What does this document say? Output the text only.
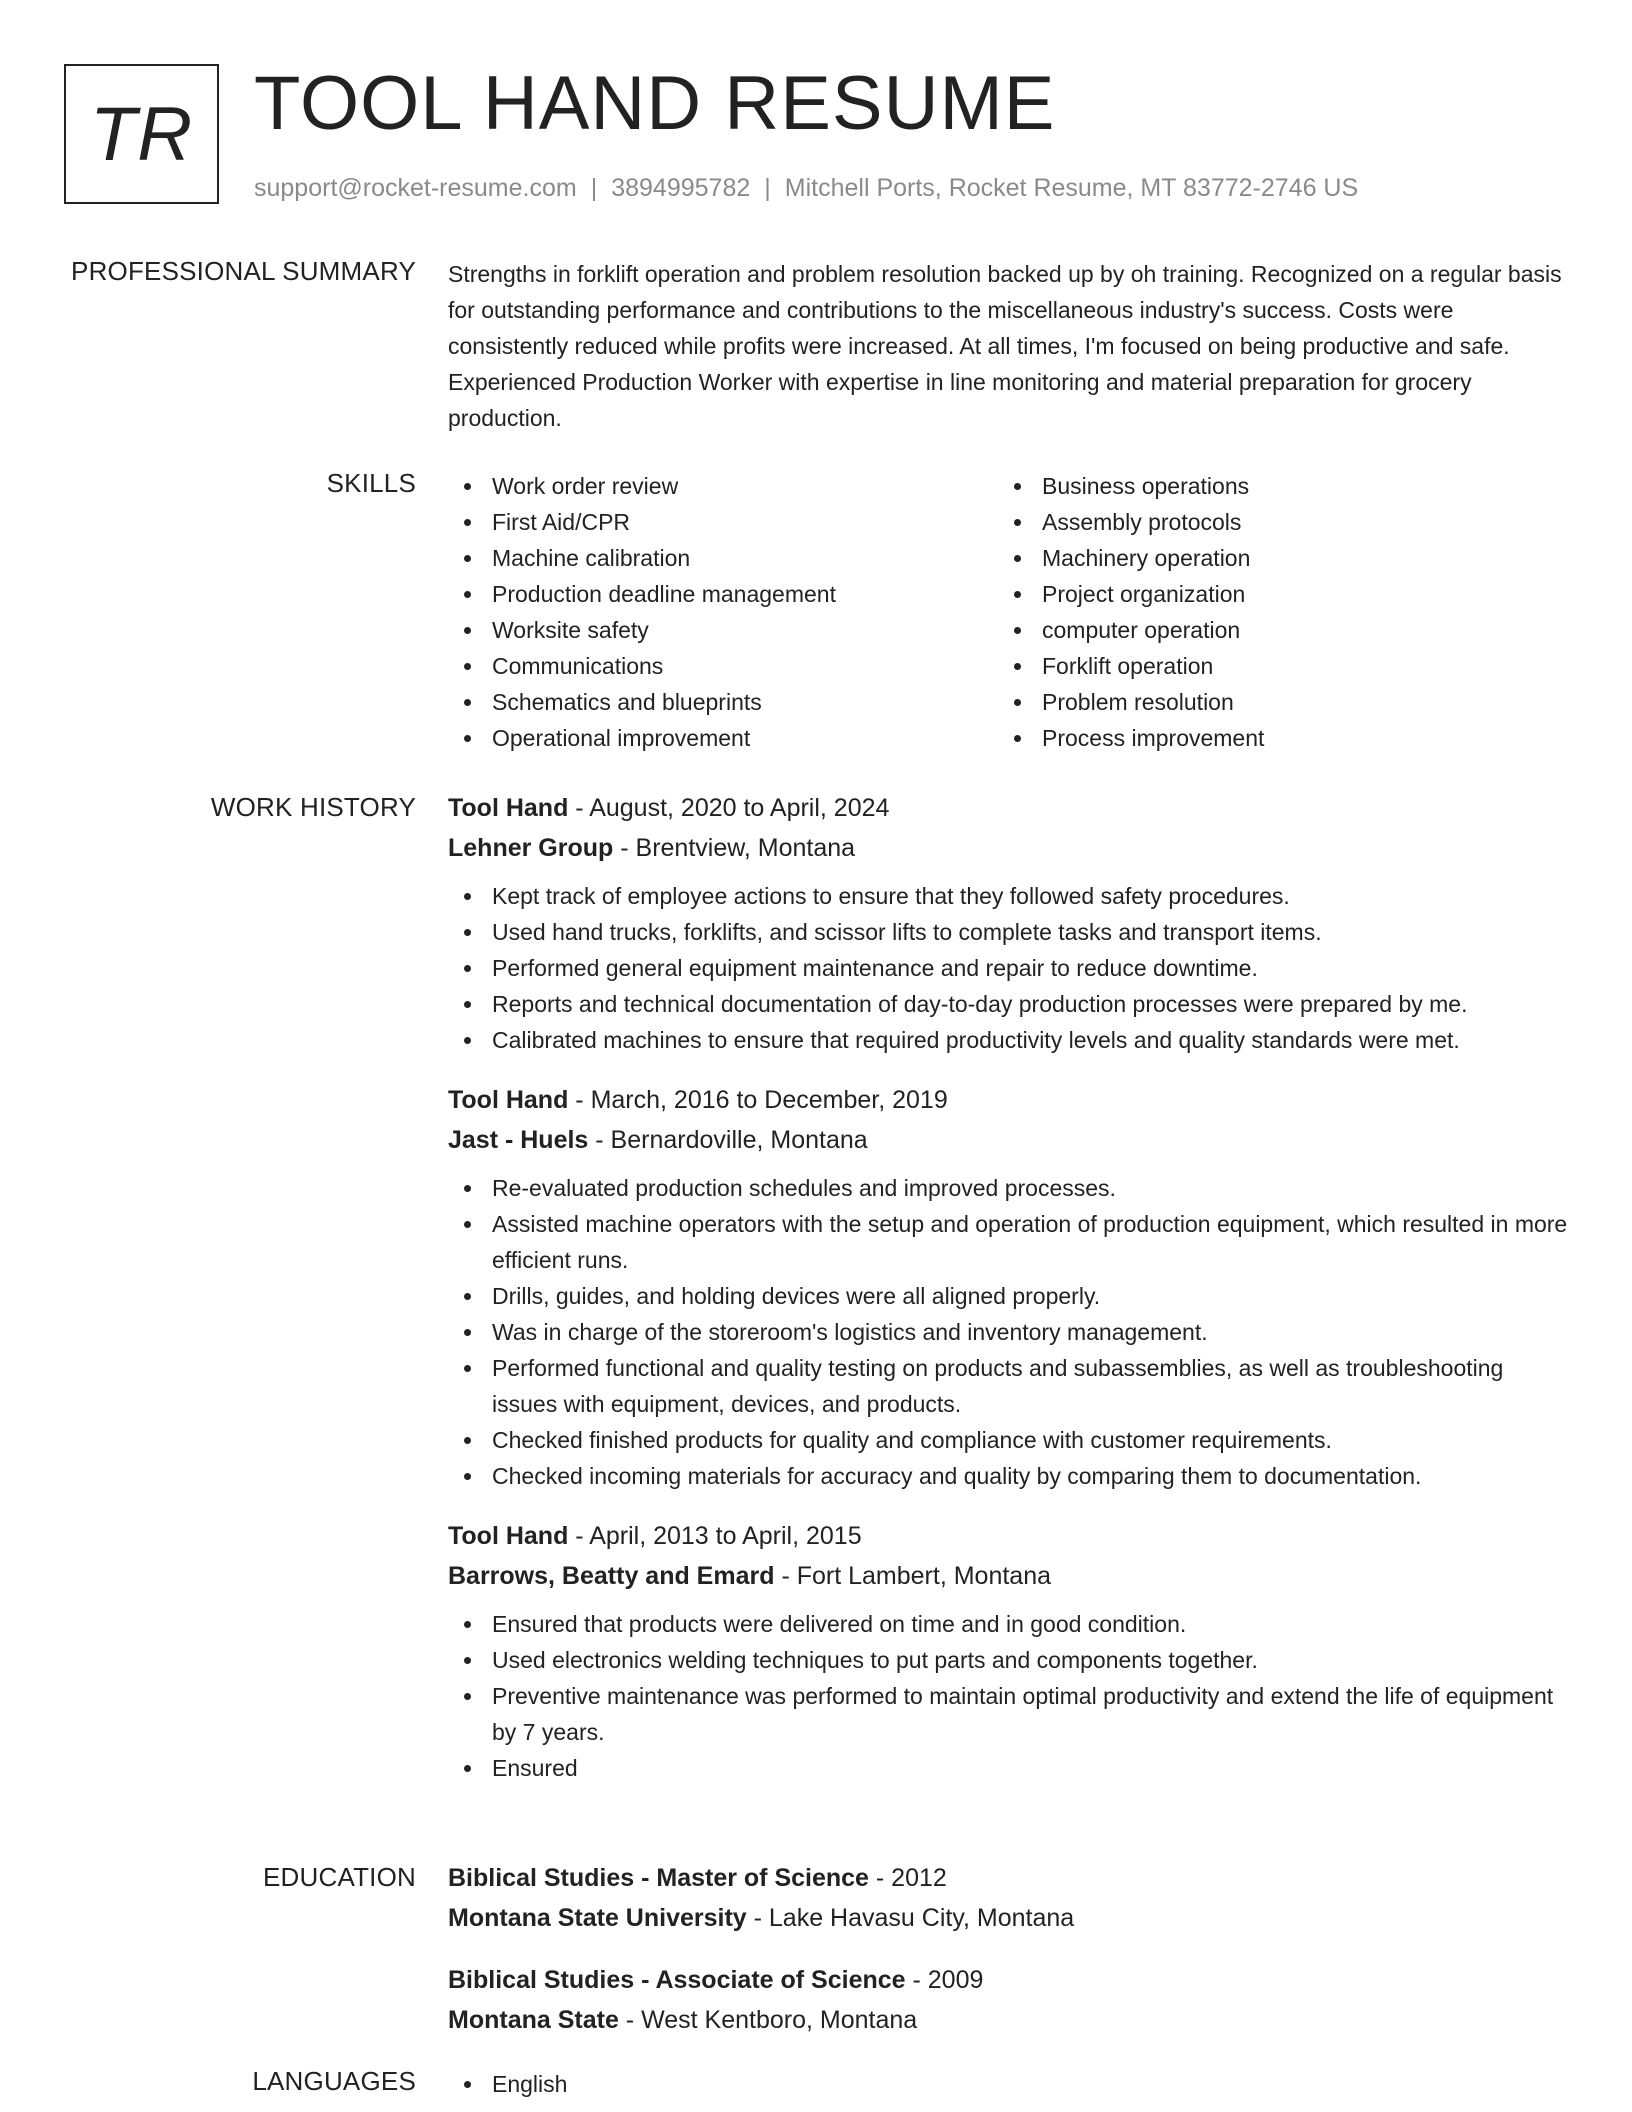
TR TOOL HAND RESUME
support@rocket-resume.com | 3894995782 | Mitchell Ports, Rocket Resume, MT 83772-2746 US
PROFESSIONAL SUMMARY Strengths in forklift operation and problem resolution backed up by oh training. Recognized on a regular basis for outstanding performance and contributions to the miscellaneous industry's success. Costs were consistently reduced while profits were increased. At all times, I'm focused on being productive and safe. Experienced Production Worker with expertise in line monitoring and material preparation for grocery production.

SKILLS	Work order review
First Aid/CPR
Machine calibration
Production deadline management
Worksite safety
Communications
Schematics and blueprints
Operational improvement
Business operations
Assembly protocols
Machinery operation
Project organization
computer operation
Forklift operation
Problem resolution
Process improvement
WORK HISTORY Tool Hand - August, 2020 to April, 2024
Lehner Group - Brentview, Montana
Kept track of employee actions to ensure that they followed safety procedures.
Used hand trucks, forklifts, and scissor lifts to complete tasks and transport items.
Performed general equipment maintenance and repair to reduce downtime.
Reports and technical documentation of day-to-day production processes were prepared by me.
Calibrated machines to ensure that required productivity levels and quality standards were met.
Tool Hand - March, 2016 to December, 2019
Jast - Huels - Bernardoville, Montana
Re-evaluated production schedules and improved processes.
Assisted machine operators with the setup and operation of production equipment, which resulted in more efficient runs.
Drills, guides, and holding devices were all aligned properly.
Was in charge of the storeroom's logistics and inventory management.
Performed functional and quality testing on products and subassemblies, as well as troubleshooting issues with equipment, devices, and products.
Checked finished products for quality and compliance with customer requirements.
Checked incoming materials for accuracy and quality by comparing them to documentation.
Tool Hand - April, 2013 to April, 2015
Barrows, Beatty and Emard - Fort Lambert, Montana
Ensured that products were delivered on time and in good condition.
Used electronics welding techniques to put parts and components together.
Preventive maintenance was performed to maintain optimal productivity and extend the life of equipment by 7 years.
Ensured
EDUCATION Biblical Studies - Master of Science - 2012
Montana State University - Lake Havasu City, Montana
Biblical Studies - Associate of Science - 2009
Montana State - West Kentboro, Montana
LANGUAGES	English
